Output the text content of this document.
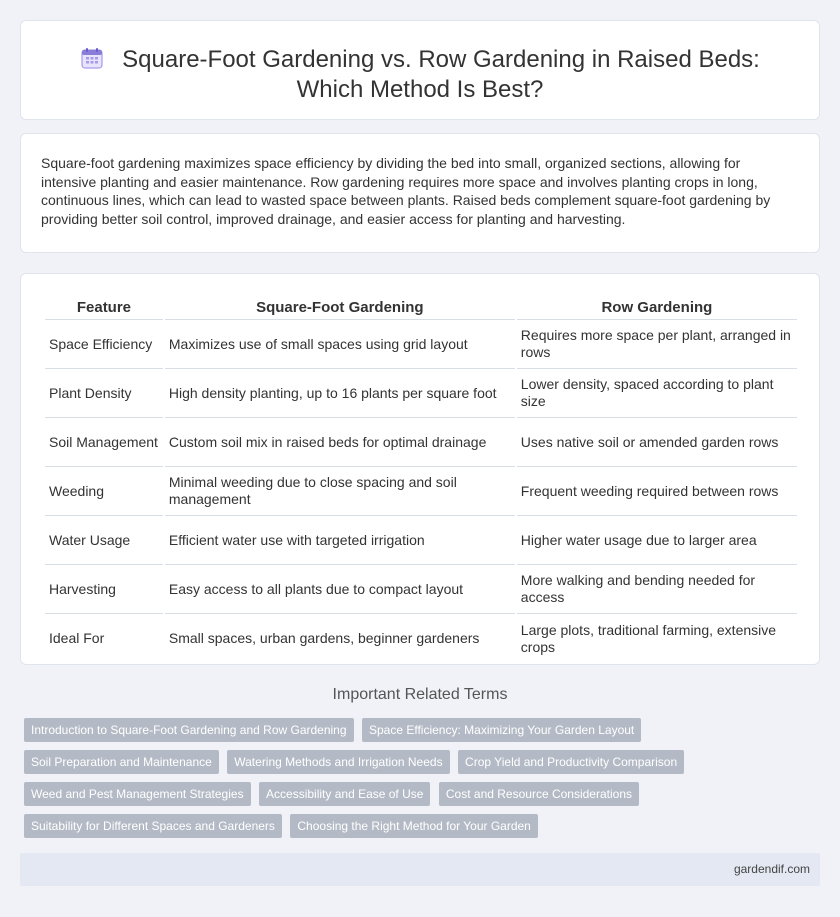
Square-Foot Gardening vs. Row Gardening in Raised Beds: Which Method Is Best?

Square-foot gardening maximizes space efficiency by dividing the bed into small, organized sections, allowing for intensive planting and easier maintenance. Row gardening requires more space and involves planting crops in long, continuous lines, which can lead to wasted space between plants. Raised beds complement square-foot gardening by providing better soil control, improved drainage, and easier access for planting and harvesting.

Feature	Square-Foot Gardening	Row Gardening
Space Efficiency	Maximizes use of small spaces using grid layout	Requires more space per plant, arranged in rows
Plant Density	High density planting, up to 16 plants per square foot	Lower density, spaced according to plant size
Soil Management	Custom soil mix in raised beds for optimal drainage	Uses native soil or amended garden rows
Weeding	Minimal weeding due to close spacing and soil management	Frequent weeding required between rows
Water Usage	Efficient water use with targeted irrigation	Higher water usage due to larger area
Harvesting	Easy access to all plants due to compact layout	More walking and bending needed for access
Ideal For	Small spaces, urban gardens, beginner gardeners	Large plots, traditional farming, extensive crops
Important Related Terms
Introduction to Square-Foot Gardening and Row Gardening Space Efficiency: Maximizing Your Garden Layout
Soil Preparation and Maintenance Watering Methods and Irrigation Needs Crop Yield and Productivity Comparison
Weed and Pest Management Strategies Accessibility and Ease of Use Cost and Resource Considerations
Suitability for Different Spaces and Gardeners Choosing the Right Method for Your Garden
gardendif.com
